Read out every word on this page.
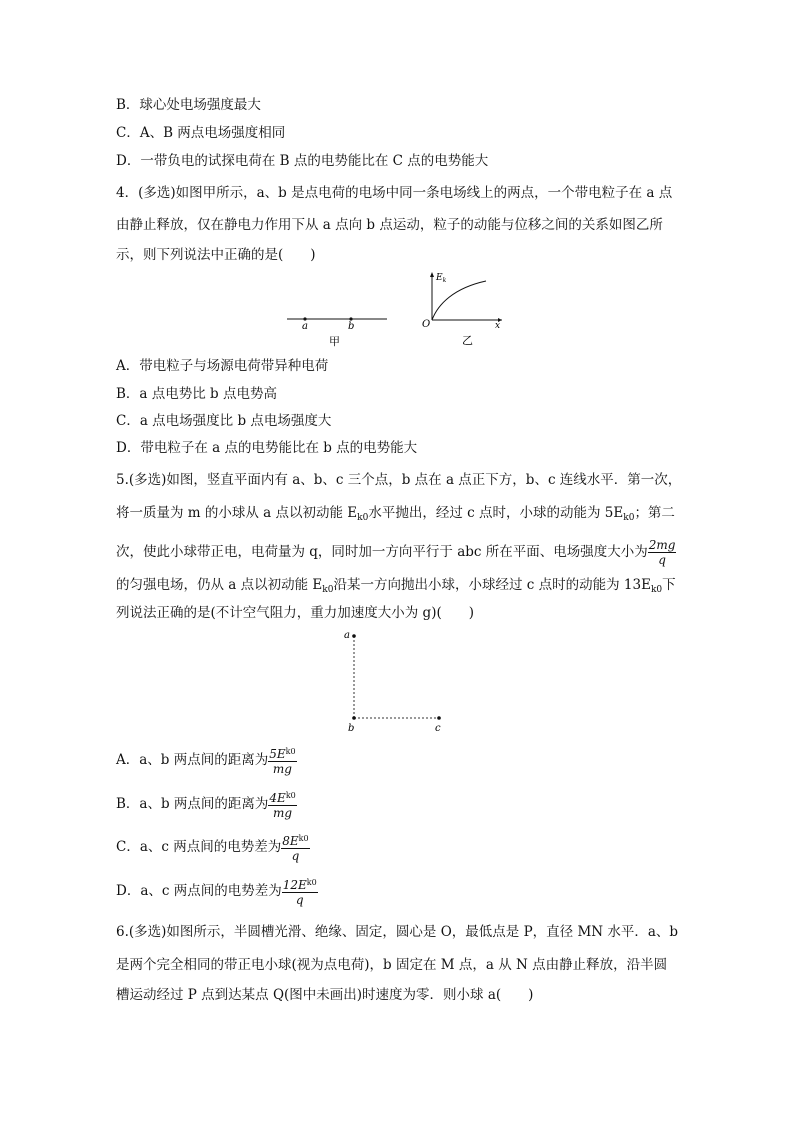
B．球心处电场强度最大
C．A、B 两点电场强度相同
D．一带负电的试探电荷在 B 点的电势能比在 C 点的电势能大
4．(多选)如图甲所示，a、b 是点电荷的电场中同一条电场线上的两点，一个带电粒子在 a 点
由静止释放，仅在静电力作用下从 a 点向 b 点运动，粒子的动能与位移之间的关系如图乙所
示，则下列说法中正确的是(　　)
a	b
甲
$E_k$
O	x
乙
A．带电粒子与场源电荷带异种电荷
B．a 点电势比 b 点电势高
C．a 点电场强度比 b 点电场强度大
D．带电粒子在 a 点的电势能比在 b 点的电势能大
5.(多选)如图，竖直平面内有 a、b、c 三个点，b 点在 a 点正下方，b、c 连线水平．第一次，
将一质量为 m 的小球从 a 点以初动能 $E_{k0}$水平抛出，经过 c 点时，小球的动能为 $5E_{k0}$；第二
次，使此小球带正电，电荷量为 q，同时加一方向平行于 abc 所在平面、电场强度大小为 $\frac{2mg}{q}$
的匀强电场，仍从 a 点以初动能 $E_{k0}$沿某一方向抛出小球，小球经过 c 点时的动能为 $13E_{k0}$下
列说法正确的是(不计空气阻力，重力加速度大小为 g)(　　)
a
b	c
A．a、b 两点间的距离为 $\frac{5E^{k0}}{mg}$
B．a、b 两点间的距离为 $\frac{4E^{k0}}{mg}$
C．a、c 两点间的电势差为 $\frac{8E^{k0}}{q}$
D．a、c 两点间的电势差为 $\frac{12E^{k0}}{q}$
6.(多选)如图所示，半圆槽光滑、绝缘、固定，圆心是 O，最低点是 P，直径 MN 水平．a、b
是两个完全相同的带正电小球(视为点电荷)，b 固定在 M 点，a 从 N 点由静止释放，沿半圆
槽运动经过 P 点到达某点 Q(图中未画出)时速度为零．则小球 a(　　)
